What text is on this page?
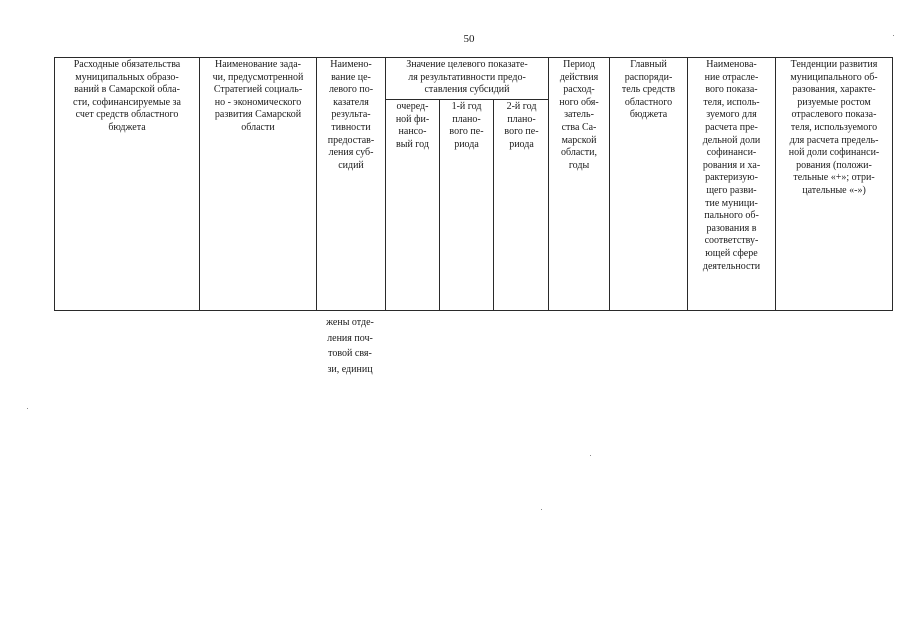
50
Расходные обязательства
муниципальных образо-
ваний в Самарской обла-
сти, софинансируемые за
счет средств областного
бюджета
Наименование зада-
чи, предусмотренной
Стратегией социаль-
но - экономического
развития Самарской
области
Наимено-
вание це-
левого по-
казателя
результа-
тивности
предостав-
ления суб-
сидий
Значение целевого показате-
ля результативности предо-
ставления субсидий
очеред-
ной фи-
нансо-
вый год
1-й год
плано-
вого пе-
риода
2-й год
плано-
вого пе-
риода
Период
действия
расход-
ного обя-
затель-
ства Са-
марской
области,
годы
Главный
распоряди-
тель средств
областного
бюджета
Наименова-
ние отрасле-
вого показа-
теля, исполь-
зуемого для
расчета пре-
дельной доли
софинанси-
рования и ха-
рактеризую-
щего разви-
тие муници-
пального об-
разования в
соответству-
ющей сфере
деятельности
Тенденции развития
муниципального об-
разования, характе-
ризуемые ростом
отраслевого показа-
теля, используемого
для расчета предель-
ной доли софинанси-
рования (положи-
тельные «+»; отри-
цательные «-»)
жены отде-
ления поч-
товой свя-
зи, единиц
